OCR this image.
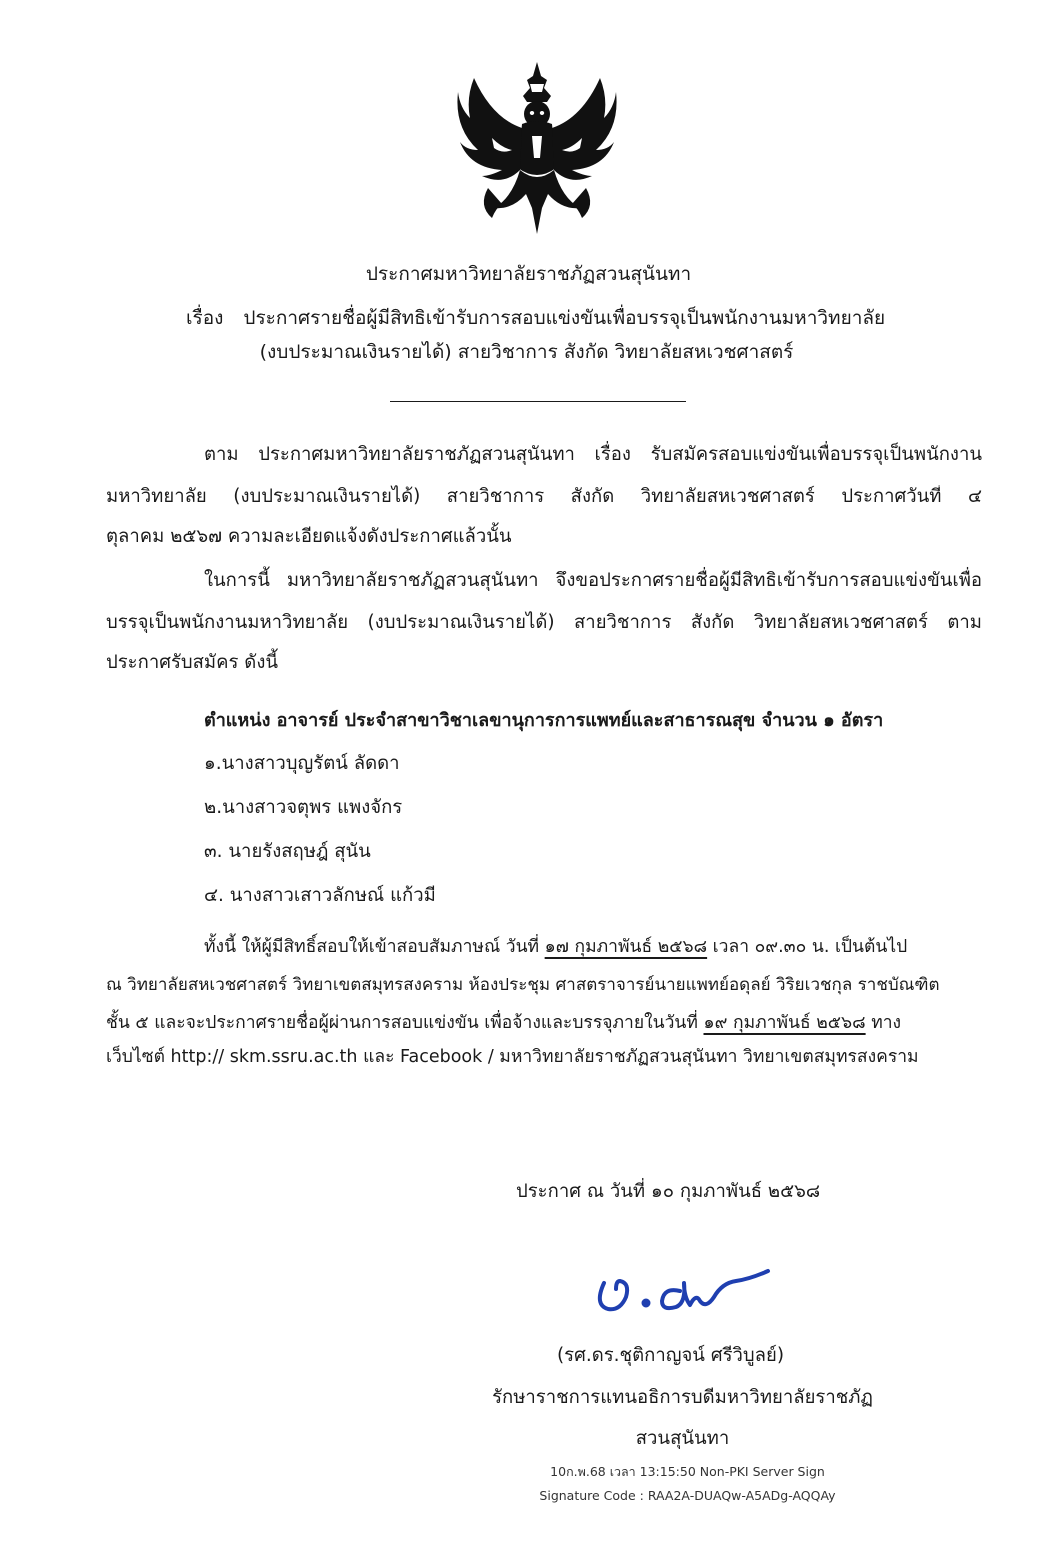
ประกาศมหาวิทยาลัยราชภัฏสวนสุนันทา
เรื่อง ประกาศรายชื่อผู้มีสิทธิเข้ารับการสอบแข่งขันเพื่อบรรจุเป็นพนักงานมหาวิทยาลัย
(งบประมาณเงินรายได้) สายวิชาการ สังกัด วิทยาลัยสหเวชศาสตร์
ตาม ประกาศมหาวิทยาลัยราชภัฏสวนสุนันทา เรื่อง รับสมัครสอบแข่งขันเพื่อบรรจุเป็นพนักงาน
มหาวิทยาลัย (งบประมาณเงินรายได้) สายวิชาการ สังกัด วิทยาลัยสหเวชศาสตร์ ประกาศวันที่ ๔
ตุลาคม ๒๕๖๗ ความละเอียดแจ้งดังประกาศแล้วนั้น
ในการนี้ มหาวิทยาลัยราชภัฏสวนสุนันทา จึงขอประกาศรายชื่อผู้มีสิทธิเข้ารับการสอบแข่งขันเพื่อ
บรรจุเป็นพนักงานมหาวิทยาลัย (งบประมาณเงินรายได้) สายวิชาการ สังกัด วิทยาลัยสหเวชศาสตร์ ตาม
ประกาศรับสมัคร ดังนี้
ตำแหน่ง อาจารย์ ประจำสาขาวิชาเลขานุการการแพทย์และสาธารณสุข จำนวน ๑ อัตรา
๑.นางสาวบุญรัตน์ ลัดดา
๒.นางสาวจตุพร แพงจักร
๓. นายรังสฤษฎ์ สุนัน
๔. นางสาวเสาวลักษณ์ แก้วมี
ทั้งนี้ ให้ผู้มีสิทธิ์สอบให้เข้าสอบสัมภาษณ์ วันที่ ๑๗ กุมภาพันธ์ ๒๕๖๘ เวลา ๐๙.๓๐ น. เป็นต้นไป
ณ วิทยาลัยสหเวชศาสตร์ วิทยาเขตสมุทรสงคราม ห้องประชุม ศาสตราจารย์นายแพทย์อดุลย์ วิริยเวชกุล ราชบัณฑิต
ชั้น ๕ และจะประกาศรายชื่อผู้ผ่านการสอบแข่งขัน เพื่อจ้างและบรรจุภายในวันที่ ๑๙ กุมภาพันธ์ ๒๕๖๘ ทาง
เว็บไซต์ http:// skm.ssru.ac.th และ Facebook / มหาวิทยาลัยราชภัฏสวนสุนันทา วิทยาเขตสมุทรสงคราม
ประกาศ ณ วันที่ ๑๐ กุมภาพันธ์ ๒๕๖๘
(รศ.ดร.ชุติกาญจน์ ศรีวิบูลย์)
รักษาราชการแทนอธิการบดีมหาวิทยาลัยราชภัฏ
สวนสุนันทา
10ก.พ.68 เวลา 13:15:50 Non-PKI Server Sign
Signature Code : RAA2A-DUAQw-A5ADg-AQQAy
